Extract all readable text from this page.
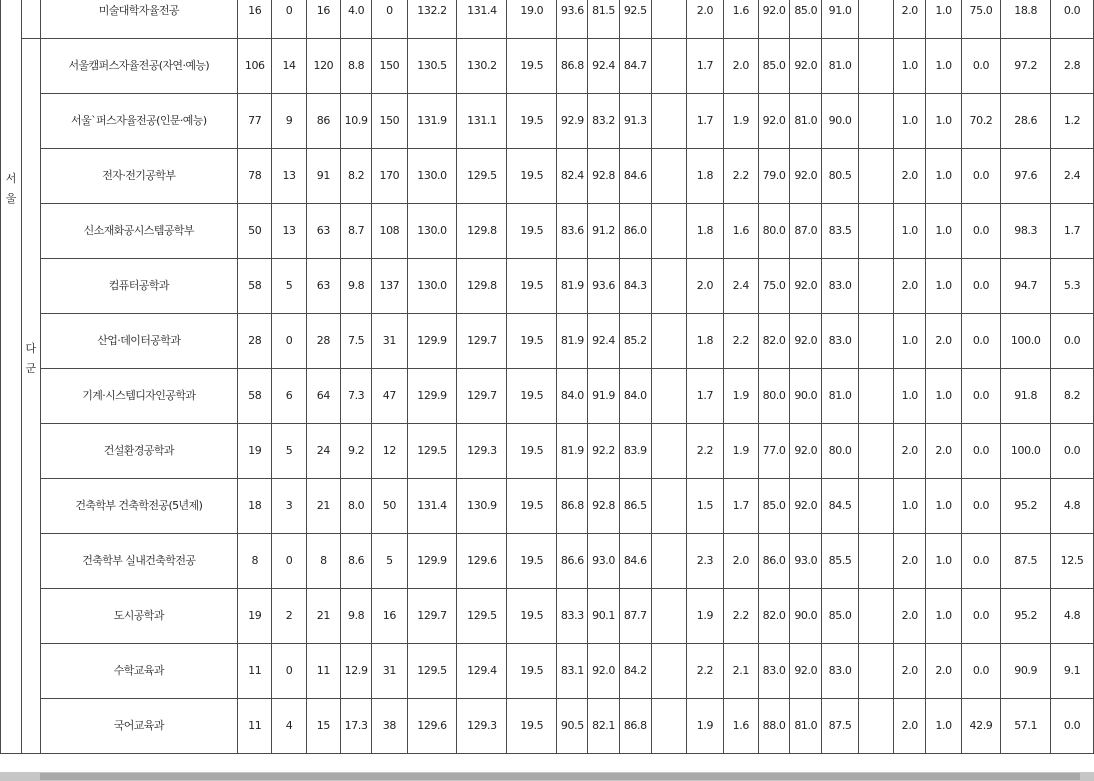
서울		미술대학자율전공	16	0	16	4.0	0	132.2	131.4	19.0	93.6	81.5	92.5		2.0	1.6	92.0	85.0	91.0		2.0	1.0	75.0	18.8	0.0

	다군	서울캠퍼스자율전공(자연·예능)	106	14	120	8.8	150	130.5	130.2	19.5	86.8	92.4	84.7		1.7	2.0	85.0	92.0	81.0		1.0	1.0	0.0	97.2	2.8
		서울`퍼스자율전공(인문·예능)	77	9	86	10.9	150	131.9	131.1	19.5	92.9	83.2	91.3		1.7	1.9	92.0	81.0	90.0		1.0	1.0	70.2	28.6	1.2
		전자·전기공학부	78	13	91	8.2	170	130.0	129.5	19.5	82.4	92.8	84.6		1.8	2.2	79.0	92.0	80.5		2.0	1.0	0.0	97.6	2.4
		신소재화공시스템공학부	50	13	63	8.7	108	130.0	129.8	19.5	83.6	91.2	86.0		1.8	1.6	80.0	87.0	83.5		1.0	1.0	0.0	98.3	1.7
		컴퓨터공학과	58	5	63	9.8	137	130.0	129.8	19.5	81.9	93.6	84.3		2.0	2.4	75.0	92.0	83.0		2.0	1.0	0.0	94.7	5.3
		산업·데이터공학과	28	0	28	7.5	31	129.9	129.7	19.5	81.9	92.4	85.2		1.8	2.2	82.0	92.0	83.0		1.0	2.0	0.0	100.0	0.0
		기계·시스템디자인공학과	58	6	64	7.3	47	129.9	129.7	19.5	84.0	91.9	84.0		1.7	1.9	80.0	90.0	81.0		1.0	1.0	0.0	91.8	8.2
		건설환경공학과	19	5	24	9.2	12	129.5	129.3	19.5	81.9	92.2	83.9		2.2	1.9	77.0	92.0	80.0		2.0	2.0	0.0	100.0	0.0
		건축학부 건축학전공(5년제)	18	3	21	8.0	50	131.4	130.9	19.5	86.8	92.8	86.5		1.5	1.7	85.0	92.0	84.5		1.0	1.0	0.0	95.2	4.8
		건축학부 실내건축학전공	8	0	8	8.6	5	129.9	129.6	19.5	86.6	93.0	84.6		2.3	2.0	86.0	93.0	85.5		2.0	1.0	0.0	87.5	12.5
		도시공학과	19	2	21	9.8	16	129.7	129.5	19.5	83.3	90.1	87.7		1.9	2.2	82.0	90.0	85.0		2.0	1.0	0.0	95.2	4.8
		수학교육과	11	0	11	12.9	31	129.5	129.4	19.5	83.1	92.0	84.2		2.2	2.1	83.0	92.0	83.0		2.0	2.0	0.0	90.9	9.1
		국어교육과	11	4	15	17.3	38	129.6	129.3	19.5	90.5	82.1	86.8		1.9	1.6	88.0	81.0	87.5		2.0	1.0	42.9	57.1	0.0
